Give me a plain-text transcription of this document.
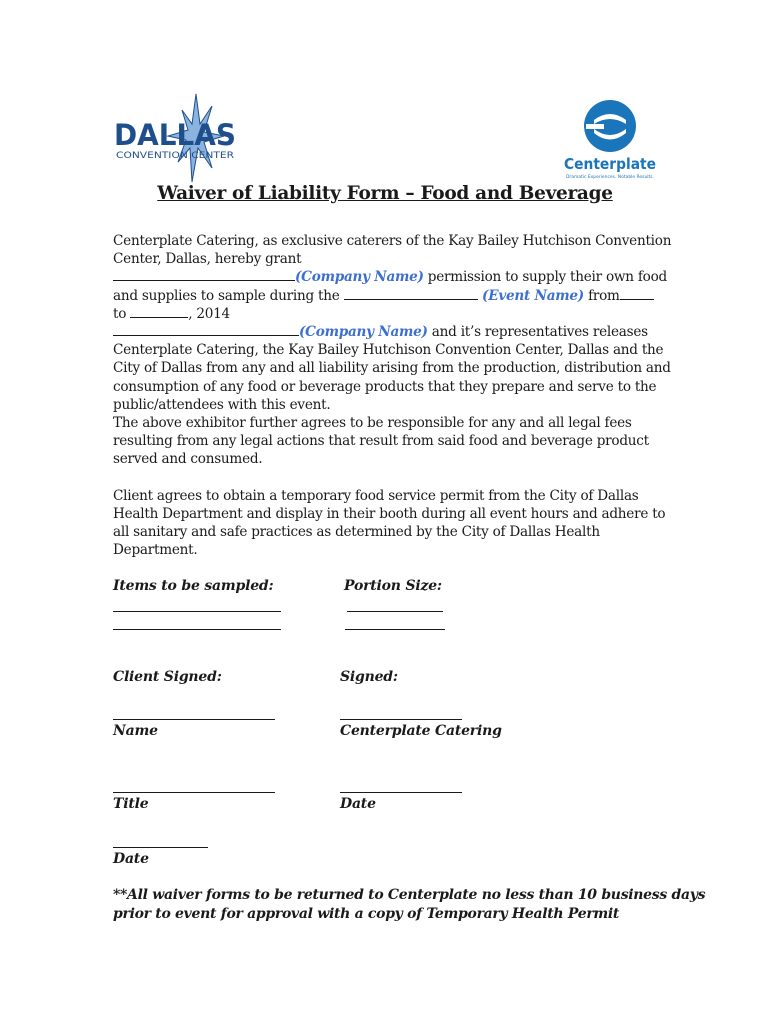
DALLAS
CONVENTION CENTER	Centerplate
Dramatic Experiences. Notable Results.
Waiver of Liability Form – Food and Beverage
Centerplate Catering, as exclusive caterers of the Kay Bailey Hutchison Convention
Center, Dallas, hereby grant
(Company Name) permission to supply their own food
and supplies to sample during the	(Event Name) from
to	, 2014
(Company Name) and it’s representatives releases
Centerplate Catering, the Kay Bailey Hutchison Convention Center, Dallas and the
City of Dallas from any and all liability arising from the production, distribution and
consumption of any food or beverage products that they prepare and serve to the
public/attendees with this event.
The above exhibitor further agrees to be responsible for any and all legal fees
resulting from any legal actions that result from said food and beverage product
served and consumed.
Client agrees to obtain a temporary food service permit from the City of Dallas
Health Department and display in their booth during all event hours and adhere to
all sanitary and safe practices as determined by the City of Dallas Health
Department.
Items to be sampled:	Portion Size:
Client Signed:	Signed:
Name	Centerplate Catering
Title	Date
Date
**All waiver forms to be returned to Centerplate no less than 10 business days
prior to event for approval with a copy of Temporary Health Permit
